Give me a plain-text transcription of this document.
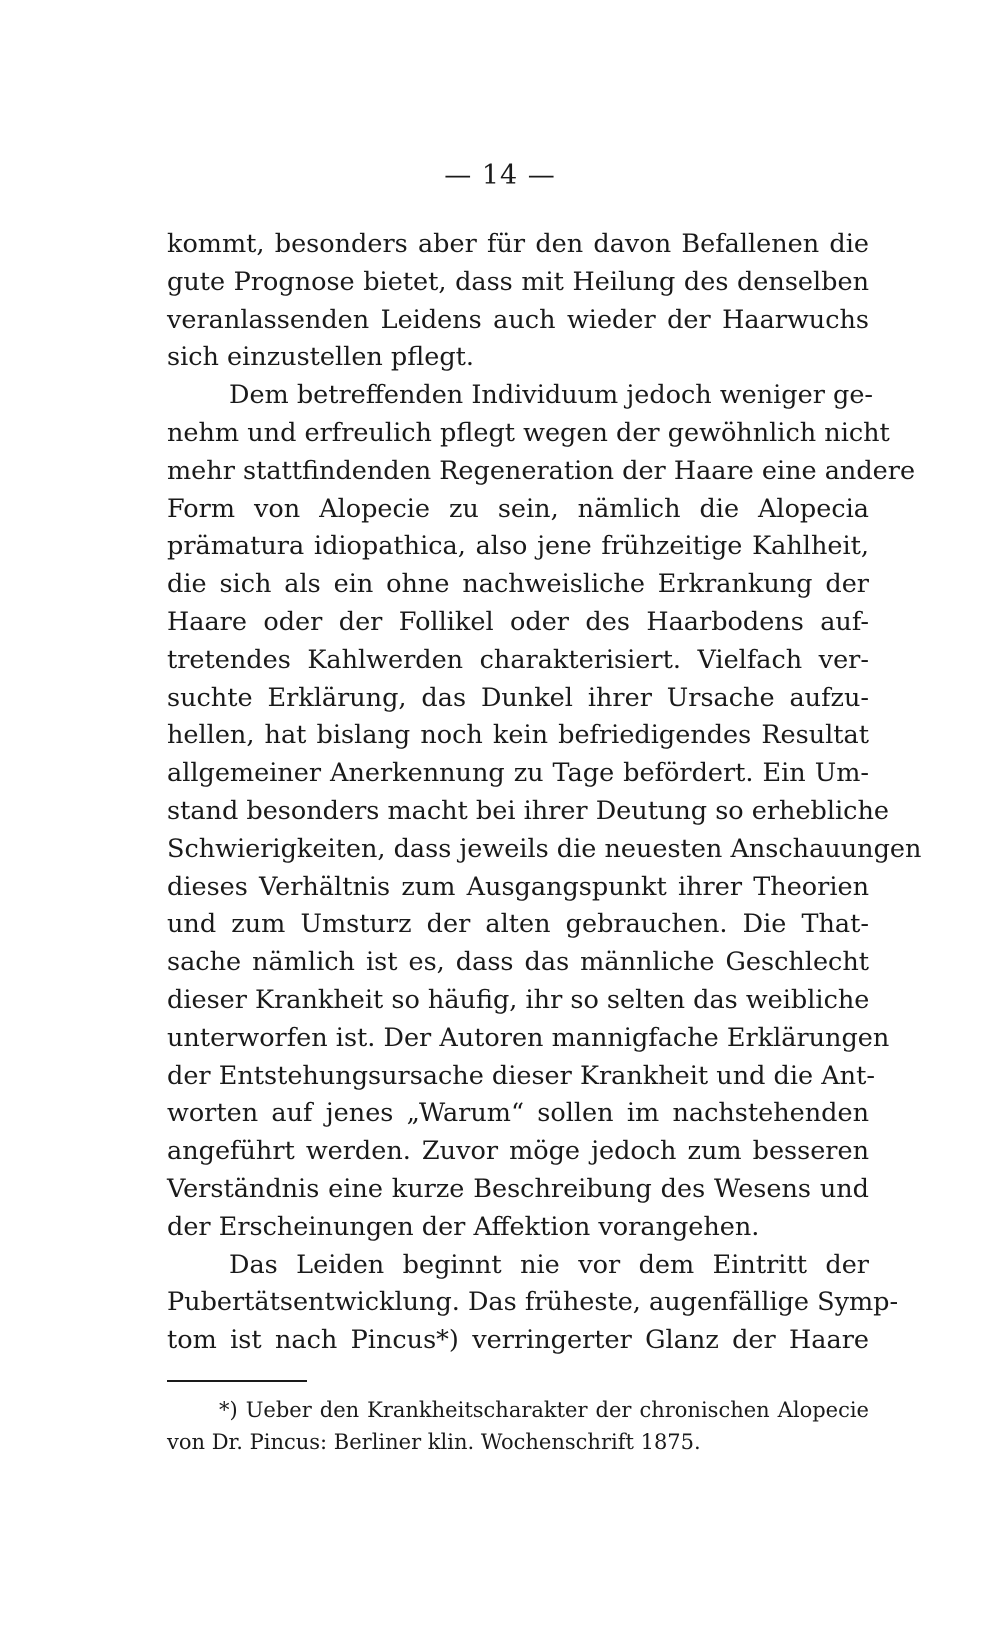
— 14 —
kommt, besonders aber für den davon Befallenen die
gute Prognose bietet, dass mit Heilung des denselben
veranlassenden Leidens auch wieder der Haarwuchs
sich einzustellen pflegt.
Dem betreffenden Individuum jedoch weniger ge-
nehm und erfreulich pflegt wegen der gewöhnlich nicht
mehr stattfindenden Regeneration der Haare eine andere
Form von Alopecie zu sein, nämlich die Alopecia
prämatura idiopathica, also jene frühzeitige Kahlheit,
die sich als ein ohne nachweisliche Erkrankung der
Haare oder der Follikel oder des Haarbodens auf-
tretendes Kahlwerden charakterisiert. Vielfach ver-
suchte Erklärung, das Dunkel ihrer Ursache aufzu-
hellen, hat bislang noch kein befriedigendes Resultat
allgemeiner Anerkennung zu Tage befördert. Ein Um-
stand besonders macht bei ihrer Deutung so erhebliche
Schwierigkeiten, dass jeweils die neuesten Anschauungen
dieses Verhältnis zum Ausgangspunkt ihrer Theorien
und zum Umsturz der alten gebrauchen. Die That-
sache nämlich ist es, dass das männliche Geschlecht
dieser Krankheit so häufig, ihr so selten das weibliche
unterworfen ist. Der Autoren mannigfache Erklärungen
der Entstehungsursache dieser Krankheit und die Ant-
worten auf jenes „Warum“ sollen im nachstehenden
angeführt werden. Zuvor möge jedoch zum besseren
Verständnis eine kurze Beschreibung des Wesens und
der Erscheinungen der Affektion vorangehen.
Das Leiden beginnt nie vor dem Eintritt der
Pubertätsentwicklung. Das früheste, augenfällige Symp-
tom ist nach Pincus*) verringerter Glanz der Haare
*) Ueber den Krankheitscharakter der chronischen Alopecie
von Dr. Pincus: Berliner klin. Wochenschrift 1875.
